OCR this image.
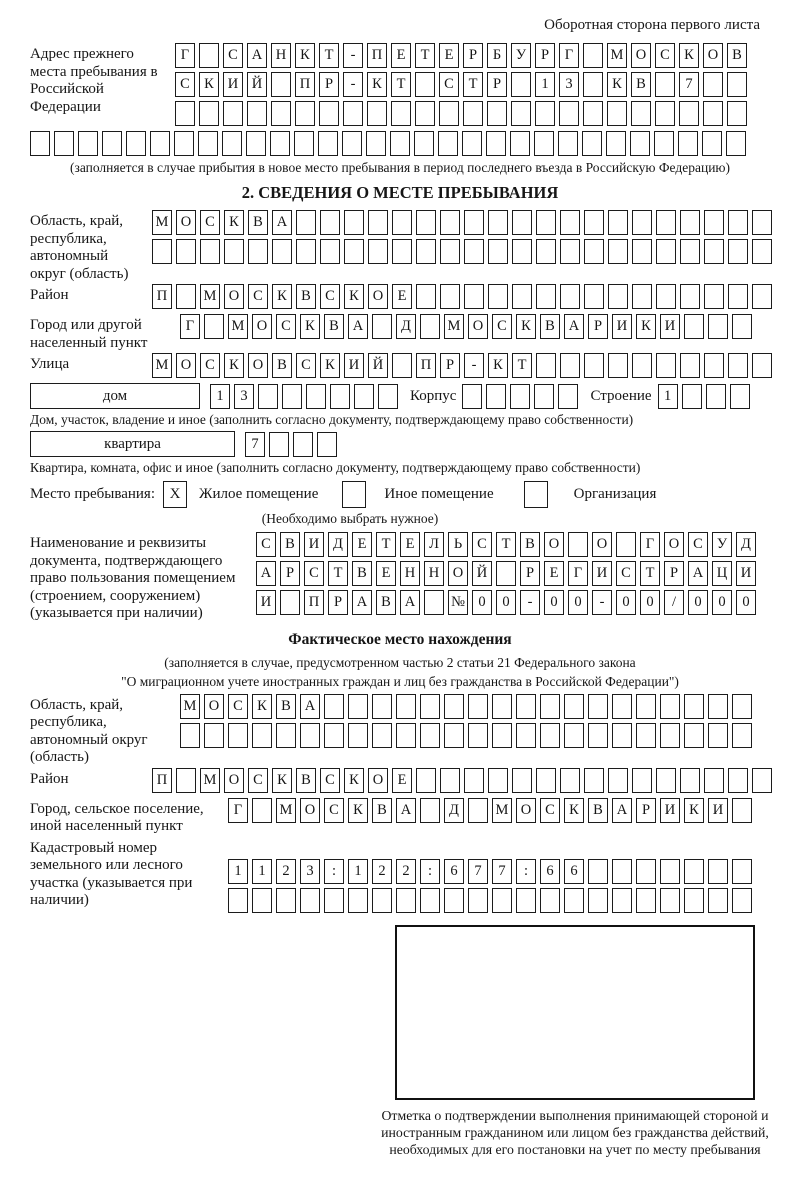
Оборотная сторона первого листа
Адрес прежнего места пребывания в Российской Федерации
Г	С А Н К	Т	-	П Е	Т	Е	Р	Б	У	Р	Г	М О С К О В
С К И Й	П	Р	-	К	Т	С	Т	Р	1	3	К В	7
(заполняется в случае прибытия в новое место пребывания в период последнего въезда в Российскую Федерацию)
2. СВЕДЕНИЯ О МЕСТЕ ПРЕБЫВАНИЯ
Область, край, республика, автономный округ (область)
М О С К В А
Район	П	М О С К В С К О Е
Город или другой населенный пункт
Г	М О С К В А	Д	М О С К В А	Р	И К И
Улица	М О С К О В С К И Й	П	Р	-	К	Т
дом	1	3	Корпус	Строение 1
Дом, участок, владение и иное (заполнить согласно документу, подтверждающему право собственности)
квартира	7
Квартира, комната, офис и иное (заполнить согласно документу, подтверждающему право собственности)
Место пребывания: X	Жилое помещение	Иное помещение	Организация
(Необходимо выбрать нужное)
Наименование и реквизиты документа, подтверждающего право пользования помещением (строением, сооружением) (указывается при наличии)
С В И Д	Е	Т	Е	Л	Ь	С	Т	В О	О	Г	О С У Д
А	Р	С	Т	В	Е Н Н О Й	Р	Е	Г	И С	Т	Р	А Ц И
И	П	Р	А В А	№ 0	0	-	0	0	-	0	0	/	0	0	0
Фактическое место нахождения
(заполняется в случае, предусмотренном частью 2 статьи 21 Федерального закона
"О миграционном учете иностранных граждан и лиц без гражданства в Российской Федерации")
Область, край, республика, автономный округ (область)
М О С К В А
Район	П	М О С К В С К О Е
Город, сельское поселение, иной населенный пункт
Г	М О С К В А	Д	М О С К В А	Р	И К И
Кадастровый номер земельного или лесного участка (указывается при наличии)
1	1	2	3	:	1	2	2	:	6	7	7	:	6	6
Отметка о подтверждении выполнения принимающей стороной и иностранным гражданином или лицом без гражданства действий, необходимых для его постановки на учет по месту пребывания
